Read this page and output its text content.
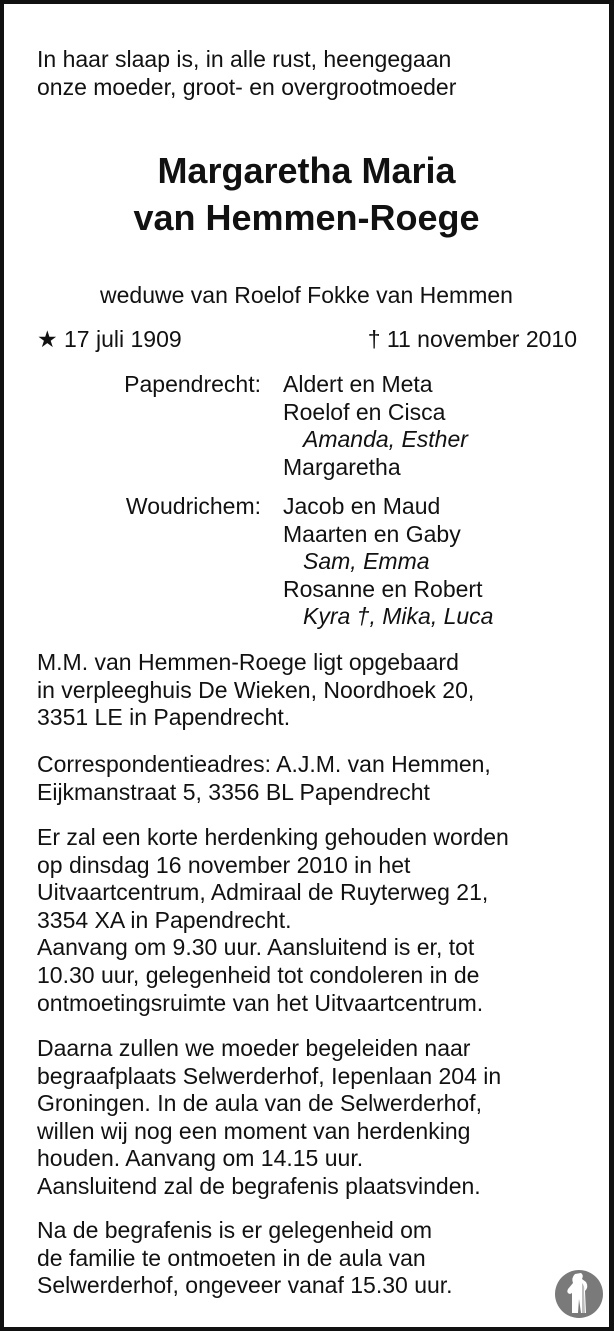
In haar slaap is, in alle rust, heengegaan
onze moeder, groot- en overgrootmoeder
Margaretha Maria
van Hemmen-Roege
weduwe van Roelof Fokke van Hemmen
★ 17 juli 1909	† 11 november 2010
Papendrecht: Aldert en Meta
Roelof en Cisca
Amanda, Esther
Margaretha
Woudrichem: Jacob en Maud
Maarten en Gaby
Sam, Emma
Rosanne en Robert
Kyra †, Mika, Luca
M.M. van Hemmen-Roege ligt opgebaard
in verpleeghuis De Wieken, Noordhoek 20,
3351 LE in Papendrecht.
Correspondentieadres: A.J.M. van Hemmen,
Eijkmanstraat 5, 3356 BL Papendrecht
Er zal een korte herdenking gehouden worden
op dinsdag 16 november 2010 in het
Uitvaartcentrum, Admiraal de Ruyterweg 21,
3354 XA in Papendrecht.
Aanvang om 9.30 uur. Aansluitend is er, tot
10.30 uur, gelegenheid tot condoleren in de
ontmoetingsruimte van het Uitvaartcentrum.
Daarna zullen we moeder begeleiden naar
begraafplaats Selwerderhof, Iepenlaan 204 in
Groningen. In de aula van de Selwerderhof,
willen wij nog een moment van herdenking
houden. Aanvang om 14.15 uur.
Aansluitend zal de begrafenis plaatsvinden.
Na de begrafenis is er gelegenheid om
de familie te ontmoeten in de aula van
Selwerderhof, ongeveer vanaf 15.30 uur.
